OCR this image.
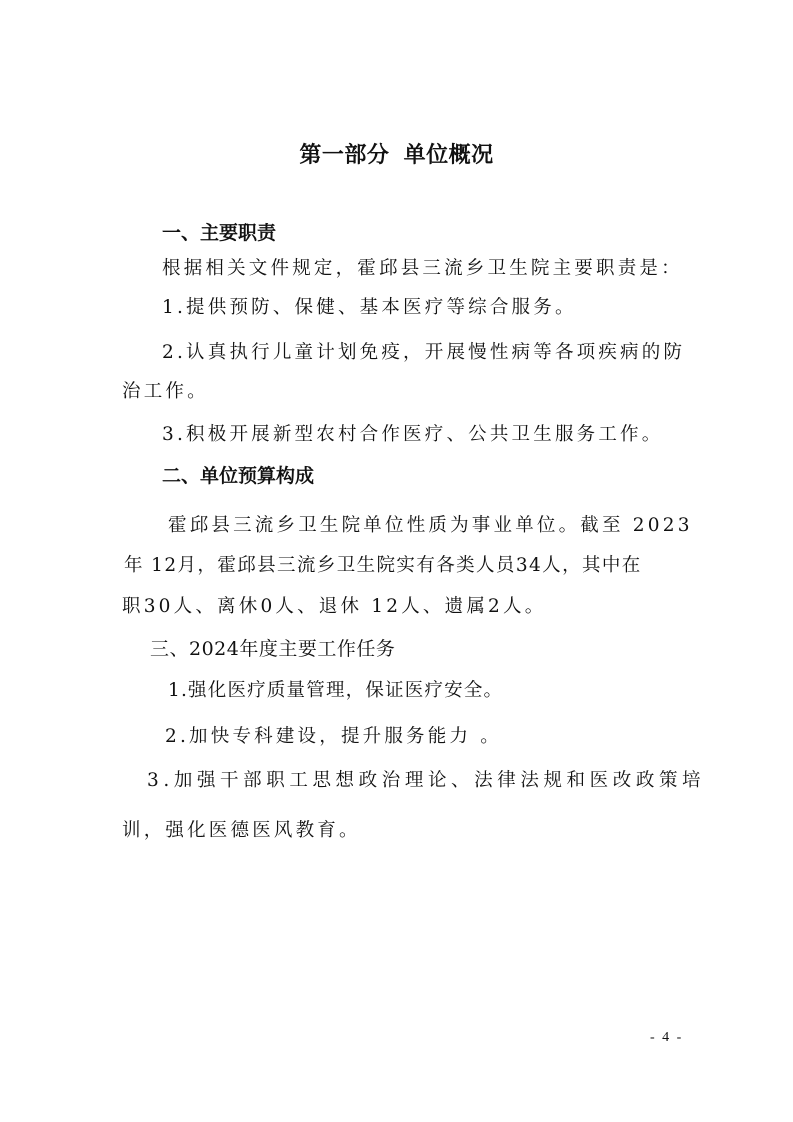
第一部分 单位概况
一、主要职责
根据相关文件规定，霍邱县三流乡卫生院主要职责是：
1.提供预防、保健、基本医疗等综合服务。
2.认真执行儿童计划免疫，开展慢性病等各项疾病的防
治工作。
3.积极开展新型农村合作医疗、公共卫生服务工作。
二、单位预算构成
霍邱县三流乡卫生院单位性质为事业单位。截至 2023
年 12月，霍邱县三流乡卫生院实有各类人员34人，其中在
职30人、离休0人、退休 12人、遗属2人。
三、2024年度主要工作任务
1.强化医疗质量管理，保证医疗安全。
2.加快专科建设，提升服务能力 。
3.加强干部职工思想政治理论、法律法规和医改政策培
训，强化医德医风教育。
- 4 -
